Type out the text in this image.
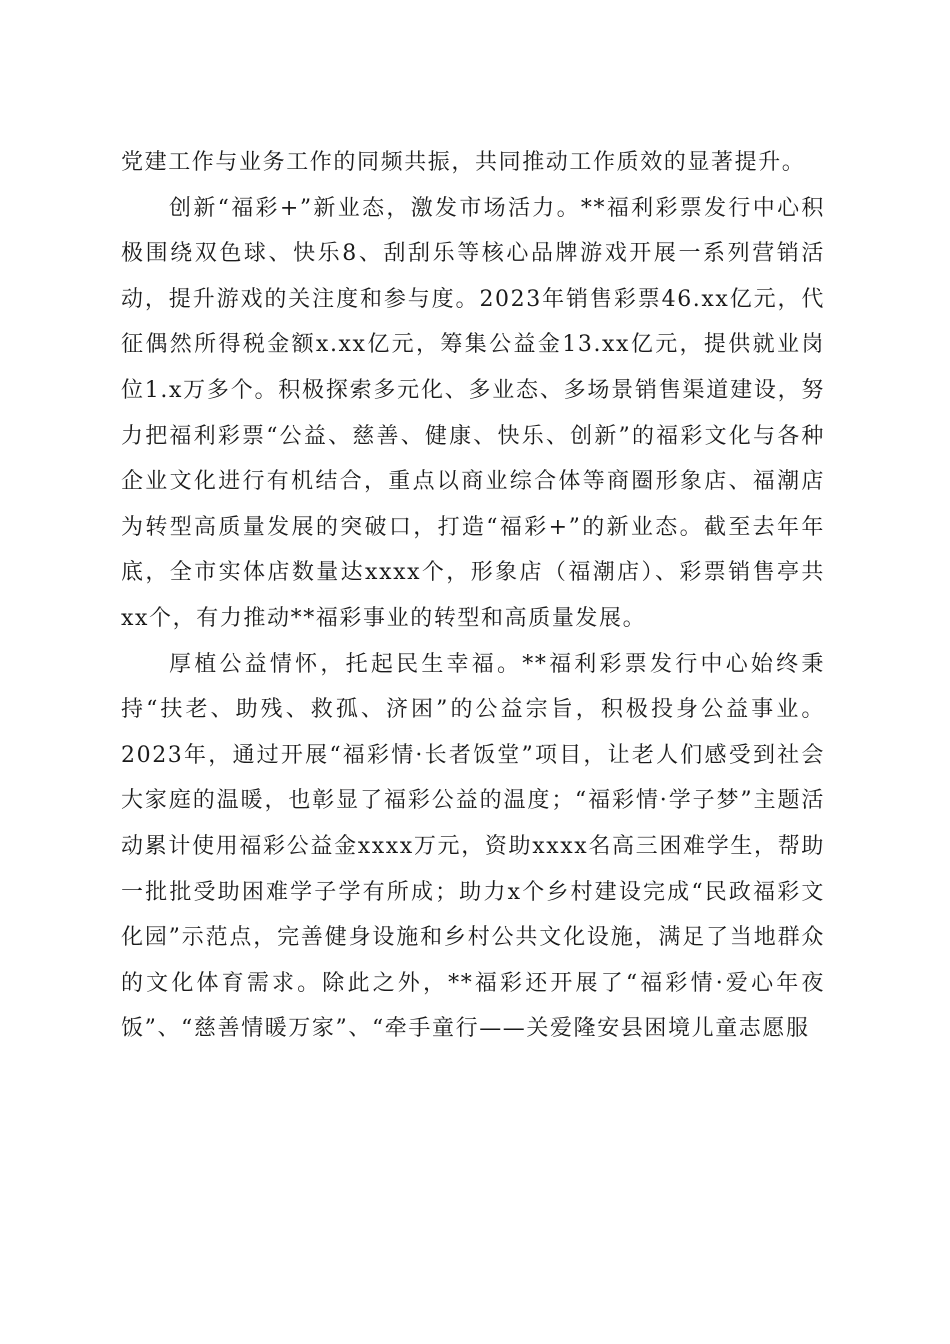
党建工作与业务工作的同频共振，共同推动工作质效的显著提升。

创新“福彩+”新业态，激发市场活力。**福利彩票发行中心积极围绕双色球、快乐8、刮刮乐等核心品牌游戏开展一系列营销活动，提升游戏的关注度和参与度。2023年销售彩票46.xx亿元，代征偶然所得税金额x.xx亿元，筹集公益金13.xx亿元，提供就业岗位1.x万多个。积极探索多元化、多业态、多场景销售渠道建设，努力把福利彩票“公益、慈善、健康、快乐、创新”的福彩文化与各种企业文化进行有机结合，重点以商业综合体等商圈形象店、福潮店为转型高质量发展的突破口，打造“福彩+”的新业态。截至去年年底，全市实体店数量达xxxx个，形象店（福潮店）、彩票销售亭共xx个，有力推动**福彩事业的转型和高质量发展。

厚植公益情怀，托起民生幸福。**福利彩票发行中心始终秉持“扶老、助残、救孤、济困”的公益宗旨，积极投身公益事业。2023年，通过开展“福彩情·长者饭堂”项目，让老人们感受到社会大家庭的温暖，也彰显了福彩公益的温度；“福彩情·学子梦”主题活动累计使用福彩公益金xxxx万元，资助xxxx名高三困难学生，帮助一批批受助困难学子学有所成；助力x个乡村建设完成“民政福彩文化园”示范点，完善健身设施和乡村公共文化设施，满足了当地群众的文化体育需求。除此之外，**福彩还开展了“福彩情·爱心年夜饭”、“慈善情暖万家”、“牵手童行——关爱隆安县困境儿童志愿服
